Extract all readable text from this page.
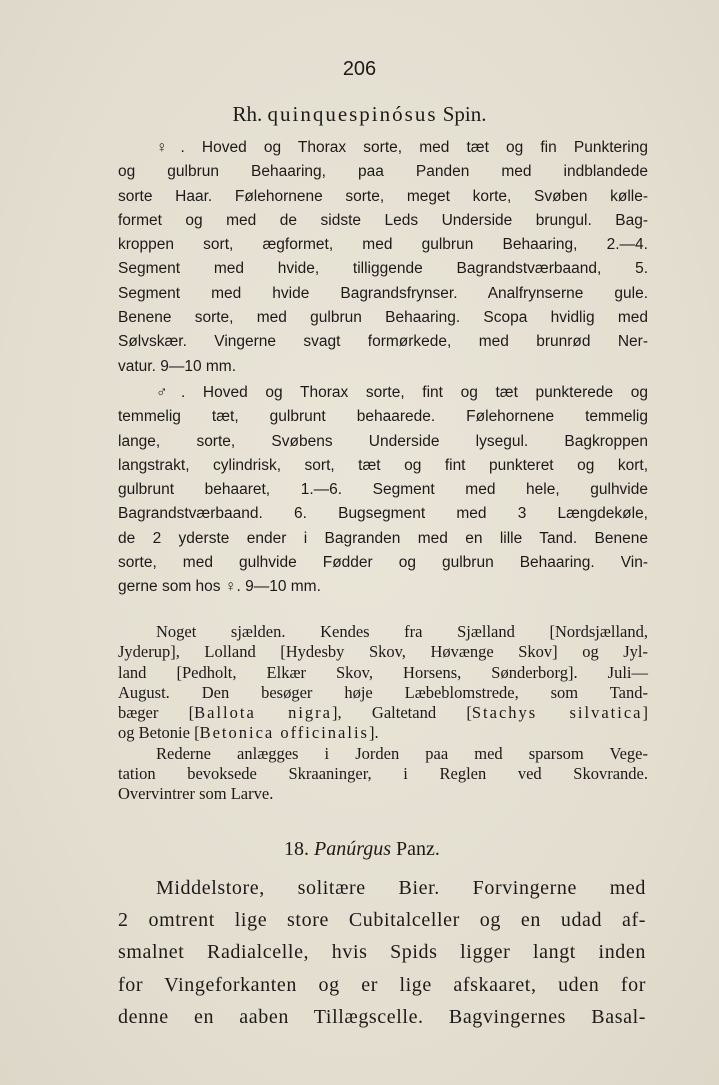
206
Rh. quinquespinósus Spin.
♀. Hoved og Thorax sorte, med tæt og fin Punktering
og gulbrun Behaaring, paa Panden med indblandede
sorte Haar. Følehornene sorte, meget korte, Svøben kølle-
formet og med de sidste Leds Underside brungul. Bag-
kroppen sort, ægformet, med gulbrun Behaaring, 2.—4.
Segment med hvide, tilliggende Bagrandstværbaand, 5.
Segment med hvide Bagrandsfrynser. Analfrynserne gule.
Benene sorte, med gulbrun Behaaring. Scopa hvidlig med
Sølvskær. Vingerne svagt formørkede, med brunrød Ner-
vatur. 9—10 mm.
♂. Hoved og Thorax sorte, fint og tæt punkterede og
temmelig tæt, gulbrunt behaarede. Følehornene temmelig
lange, sorte, Svøbens Underside lysegul. Bagkroppen
langstrakt, cylindrisk, sort, tæt og fint punkteret og kort,
gulbrunt behaaret, 1.—6. Segment med hele, gulhvide
Bagrandstværbaand. 6. Bugsegment med 3 Længdekøle,
de 2 yderste ender i Bagranden med en lille Tand. Benene
sorte, med gulhvide Fødder og gulbrun Behaaring. Vin-
gerne som hos ♀. 9—10 mm.
Noget sjælden. Kendes fra Sjælland [Nordsjælland,
Jyderup], Lolland [Hydesby Skov, Høvænge Skov] og Jyl-
land [Pedholt, Elkær Skov, Horsens, Sønderborg]. Juli—
August. Den besøger høje Læbeblomstrede, som Tand-
bæger [Ballota nigra], Galtetand [Stachys silvatica]
og Betonie [Betonica officinalis].
Rederne anlægges i Jorden paa med sparsom Vege-
tation bevoksede Skraaninger, i Reglen ved Skovrande.
Overvintrer som Larve.
18. Panúrgus Panz.
Middelstore, solitære Bier. Forvingerne med
2 omtrent lige store Cubitalceller og en udad af-
smalnet Radialcelle, hvis Spids ligger langt inden
for Vingeforkanten og er lige afskaaret, uden for
denne en aaben Tillægscelle. Bagvingernes Basal-
